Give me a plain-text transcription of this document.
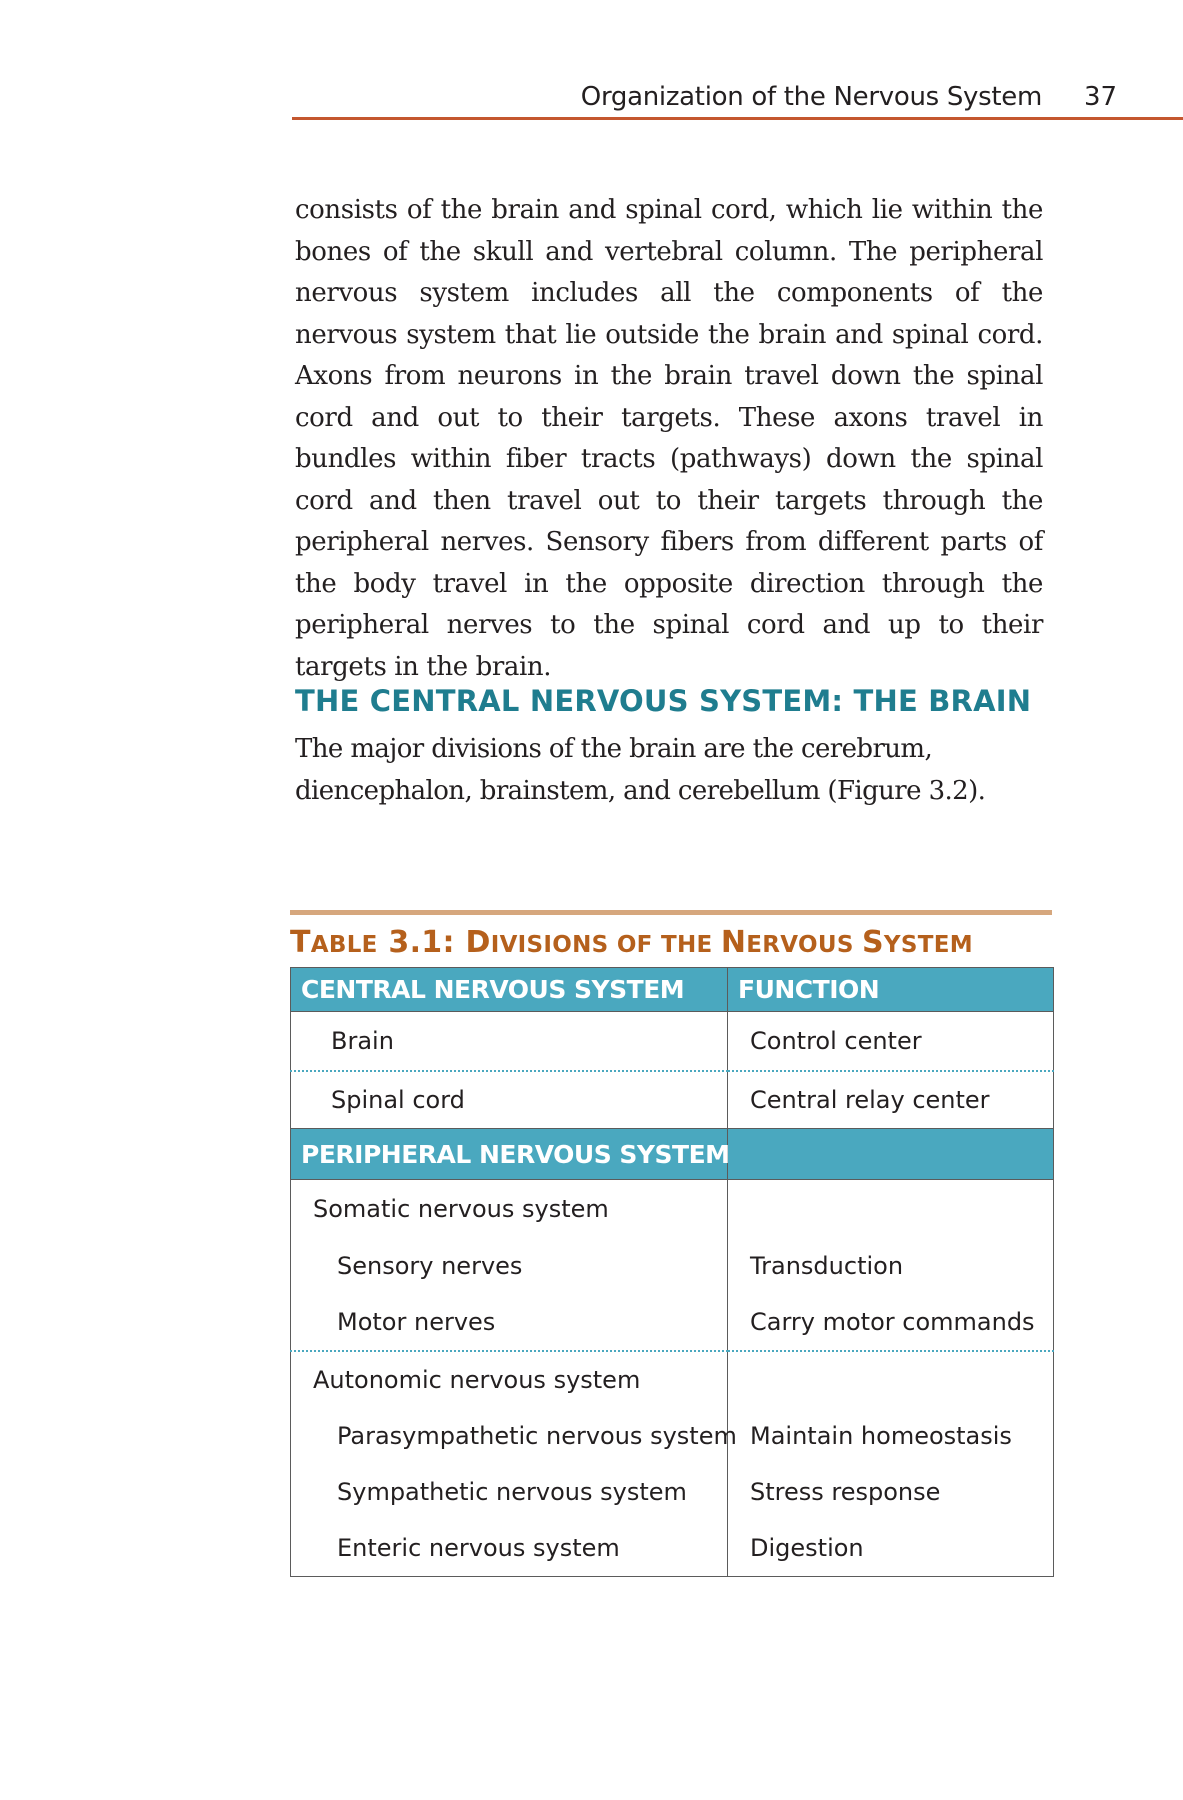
Organization of the Nervous System 37

consists of the brain and spinal cord, which lie within the bones of the skull and vertebral column. The peripheral nervous system includes all the components of the nervous system that lie outside the brain and spinal cord. Axons from neurons in the brain travel down the spinal cord and out to their targets. These axons travel in bundles within fiber tracts (pathways) down the spinal cord and then travel out to their targets through the peripheral nerves. Sensory fibers from different parts of the body travel in the opposite direction through the peripheral nerves to the spinal cord and up to their targets in the brain.

THE CENTRAL NERVOUS SYSTEM: THE BRAIN

The major divisions of the brain are the cerebrum, diencephalon, brainstem, and cerebellum (Figure 3.2).

TABLE 3.1: DIVISIONS OF THE NERVOUS SYSTEM
CENTRAL NERVOUS SYSTEM	FUNCTION
Brain	Control center
Spinal cord	Central relay center
PERIPHERAL NERVOUS SYSTEM	
Somatic nervous system	
Sensory nerves	Transduction
Motor nerves	Carry motor commands
Autonomic nervous system	
Parasympathetic nervous system	Maintain homeostasis
Sympathetic nervous system	Stress response
Enteric nervous system	Digestion
